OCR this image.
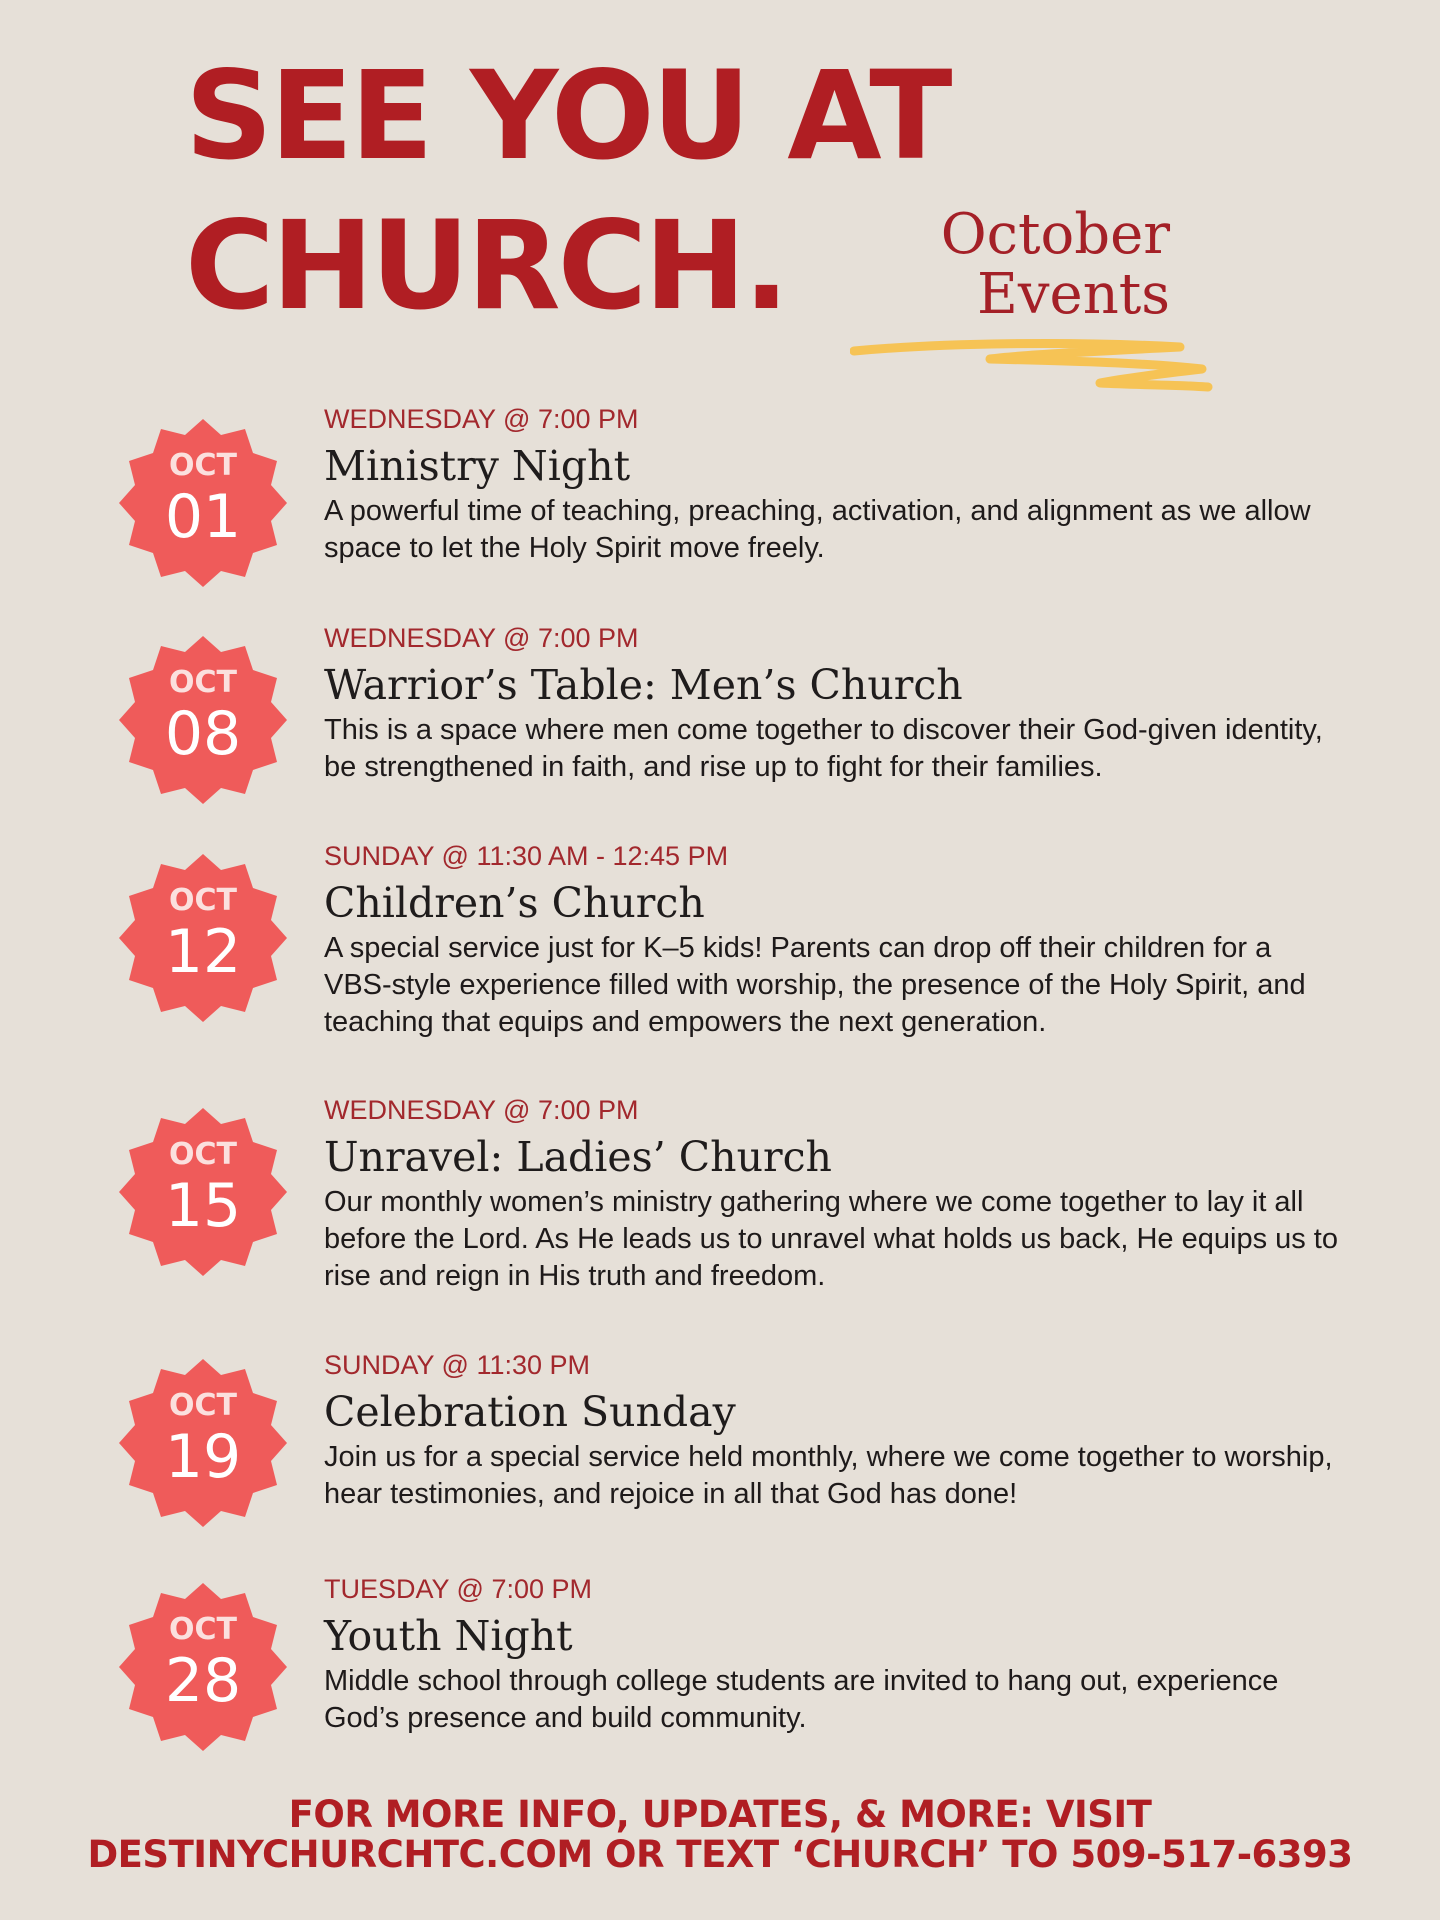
SEE YOU AT
CHURCH.	October
Events
OCT
01
WEDNESDAY @ 7:00 PM
Ministry Night
A powerful time of teaching, preaching, activation, and alignment as we allow space to let the Holy Spirit move freely.
OCT
08
WEDNESDAY @ 7:00 PM
Warrior’s Table: Men’s Church
This is a space where men come together to discover their God-given identity, be strengthened in faith, and rise up to fight for their families.
OCT
12
SUNDAY @ 11:30 AM - 12:45 PM
Children’s Church
A special service just for K–5 kids! Parents can drop off their children for a VBS-style experience filled with worship, the presence of the Holy Spirit, and teaching that equips and empowers the next generation.
OCT
15
WEDNESDAY @ 7:00 PM
Unravel: Ladies’ Church
Our monthly women’s ministry gathering where we come together to lay it all before the Lord. As He leads us to unravel what holds us back, He equips us to rise and reign in His truth and freedom.
OCT
19
SUNDAY @ 11:30 PM
Celebration Sunday
Join us for a special service held monthly, where we come together to worship, hear testimonies, and rejoice in all that God has done!
OCT
28
TUESDAY @ 7:00 PM
Youth Night
Middle school through college students are invited to hang out, experience God’s presence and build community.
FOR MORE INFO, UPDATES, & MORE: VISIT
DESTINYCHURCHTC.COM OR TEXT ‘CHURCH’ TO 509-517-6393
